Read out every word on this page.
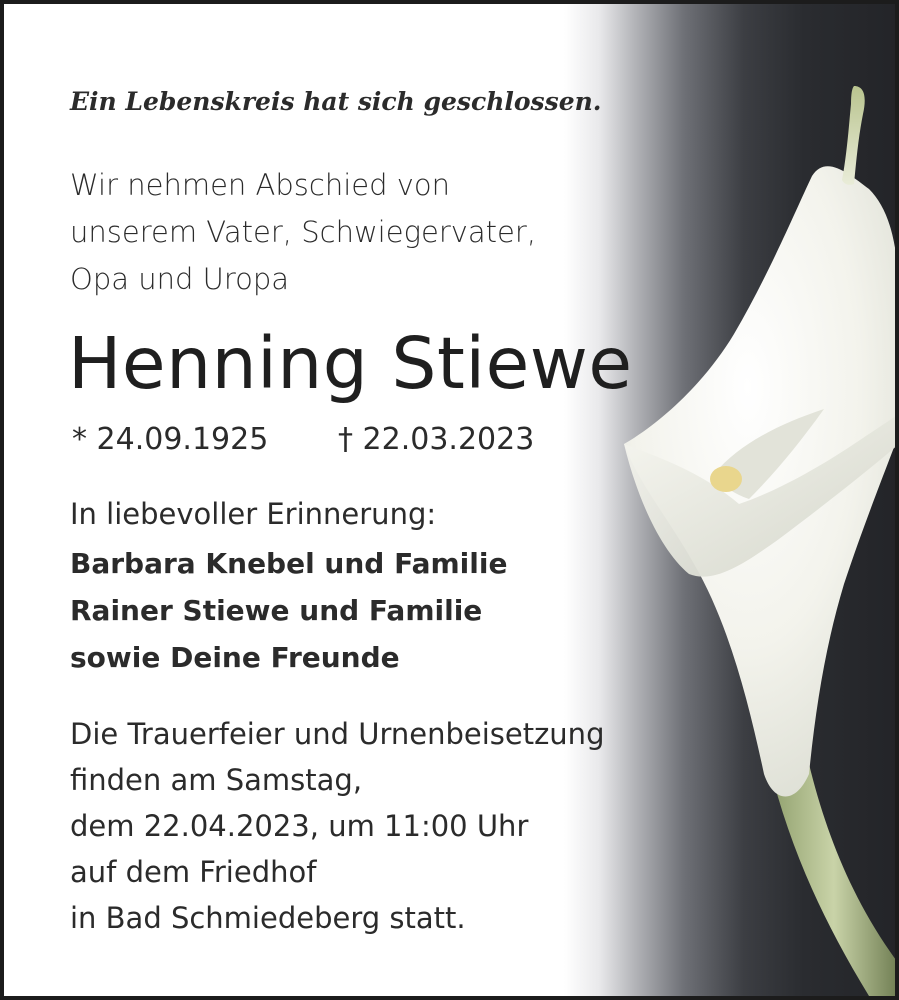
Ein Lebenskreis hat sich geschlossen.
Wir nehmen Abschied von
unserem Vater, Schwiegervater,
Opa und Uropa
Henning Stiewe
* 24.09.1925 † 22.03.2023
In liebevoller Erinnerung:
Barbara Knebel und Familie
Rainer Stiewe und Familie
sowie Deine Freunde
Die Trauerfeier und Urnenbeisetzung
finden am Samstag,
dem 22.04.2023, um 11:00 Uhr
auf dem Friedhof
in Bad Schmiedeberg statt.
